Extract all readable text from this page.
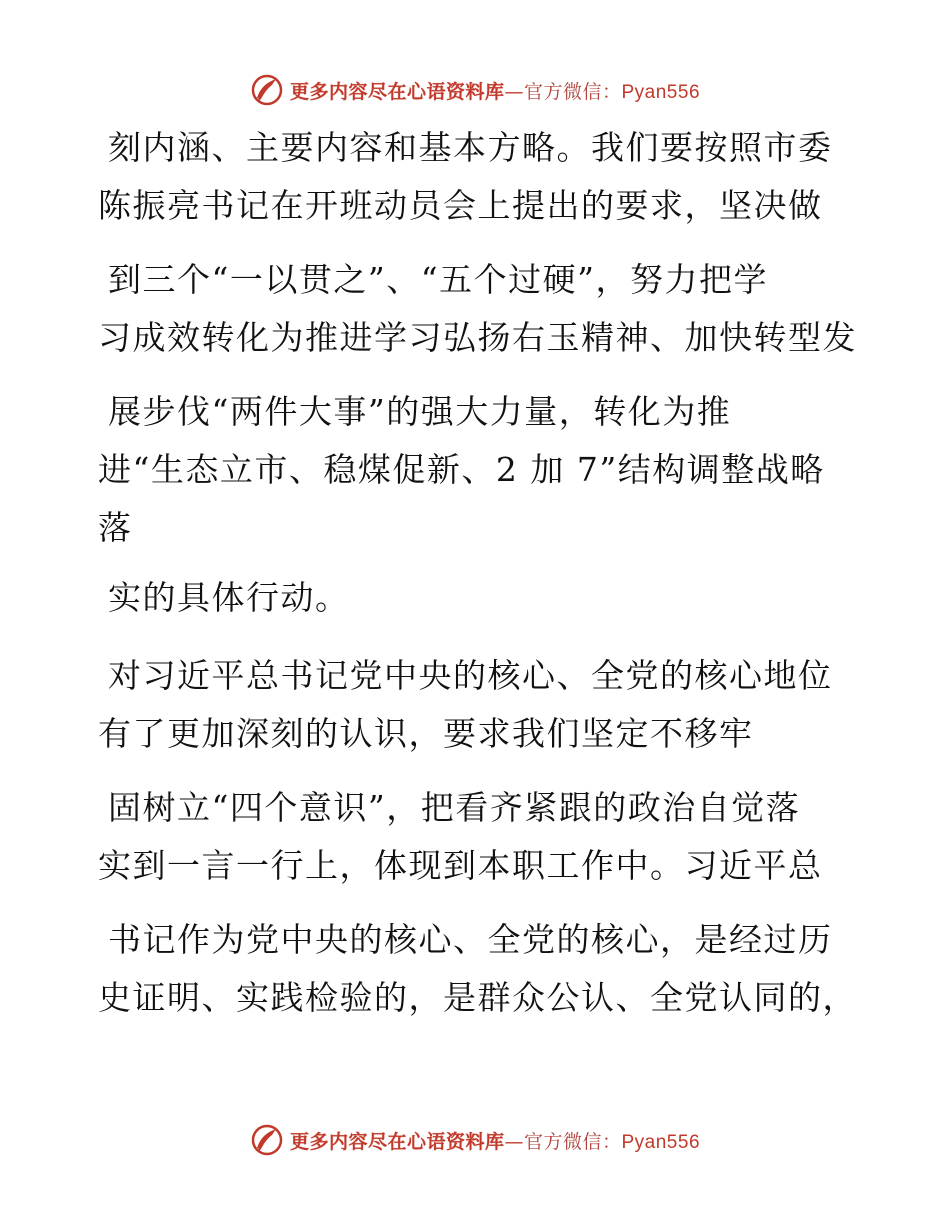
更多内容尽在心语资料库 — 官方微信： Pyan556
刻内涵、主要内容和基本方略。我们要按照市委
陈振亮书记在开班动员会上提出的要求，坚决做
到三个“一以贯之”、“五个过硬”，努力把学
习成效转化为推进学习弘扬右玉精神、加快转型发
展步伐“两件大事”的强大力量，转化为推
进“生态立市、稳煤促新、2 加 7”结构调整战略
落
实的具体行动。
对习近平总书记党中央的核心、全党的核心地位
有了更加深刻的认识，要求我们坚定不移牢
固树立“四个意识”，把看齐紧跟的政治自觉落
实到一言一行上，体现到本职工作中。习近平总
书记作为党中央的核心、全党的核心，是经过历
史证明、实践检验的，是群众公认、全党认同的，
更多内容尽在心语资料库 — 官方微信： Pyan556
